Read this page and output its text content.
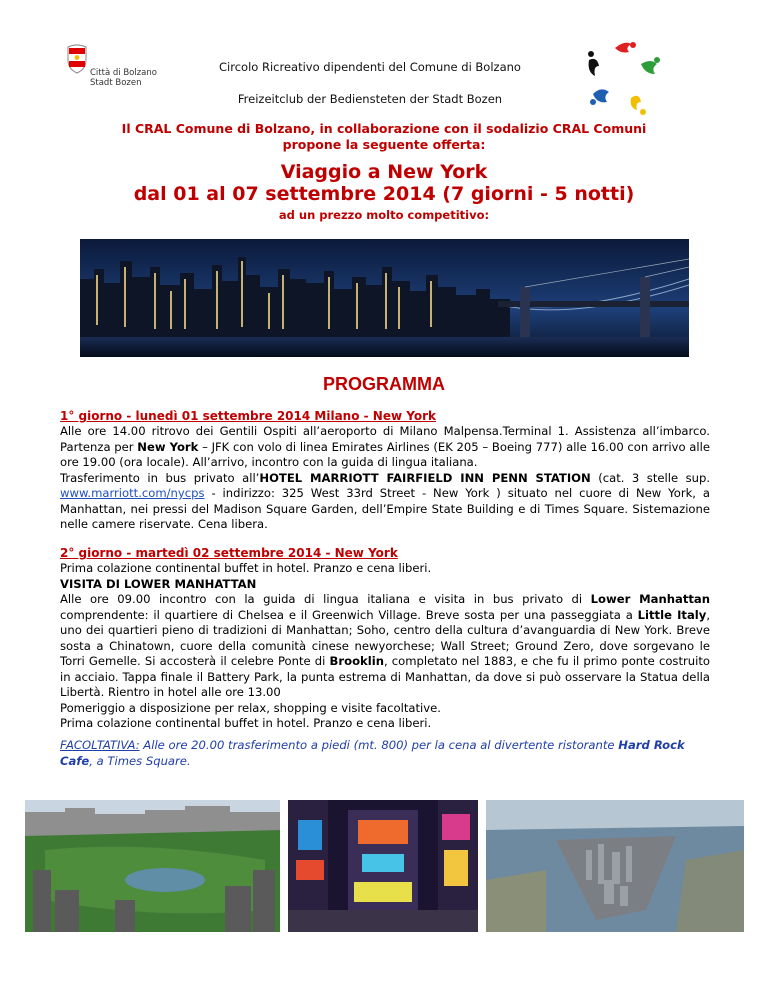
Città di Bolzano
Stadt Bozen
Circolo Ricreativo dipendenti del Comune di Bolzano
Freizeitclub der Bediensteten der Stadt Bozen
Il CRAL Comune di Bolzano, in collaborazione con il sodalizio CRAL Comuni
propone la seguente offerta:
Viaggio a New York
dal 01 al 07 settembre 2014 (7 giorni - 5 notti)
ad un prezzo molto competitivo:
PROGRAMMA
1° giorno - lunedì 01 settembre 2014 Milano - New York

Alle ore 14.00 ritrovo dei Gentili Ospiti all’aeroporto di Milano Malpensa.Terminal 1. Assistenza all’imbarco. Partenza per New York – JFK con volo di linea Emirates Airlines (EK 205 – Boeing 777) alle 16.00 con arrivo alle ore 19.00 (ora locale). All’arrivo, incontro con la guida di lingua italiana.

Trasferimento in bus privato all’HOTEL MARRIOTT FAIRFIELD INN PENN STATION (cat. 3 stelle sup. www.marriott.com/nycps - indirizzo: 325 West 33rd Street - New York ) situato nel cuore di New York, a Manhattan, nei pressi del Madison Square Garden, dell’Empire State Building e di Times Square. Sistemazione nelle camere riservate. Cena libera.

2° giorno - martedì 02 settembre 2014 - New York

Prima colazione continental buffet in hotel. Pranzo e cena liberi.

VISITA DI LOWER MANHATTAN

Alle ore 09.00 incontro con la guida di lingua italiana e visita in bus privato di Lower Manhattan comprendente: il quartiere di Chelsea e il Greenwich Village. Breve sosta per una passeggiata a Little Italy, uno dei quartieri pieno di tradizioni di Manhattan; Soho, centro della cultura d’avanguardia di New York. Breve sosta a Chinatown, cuore della comunità cinese newyorchese; Wall Street; Ground Zero, dove sorgevano le Torri Gemelle. Si accosterà il celebre Ponte di Brooklin, completato nel 1883, e che fu il primo ponte costruito in acciaio. Tappa finale il Battery Park, la punta estrema di Manhattan, da dove si può osservare la Statua della Libertà. Rientro in hotel alle ore 13.00

Pomeriggio a disposizione per relax, shopping e visite facoltative.

Prima colazione continental buffet in hotel. Pranzo e cena liberi.

FACOLTATIVA: Alle ore 20.00 trasferimento a piedi (mt. 800) per la cena al divertente ristorante Hard Rock Cafe, a Times Square.
